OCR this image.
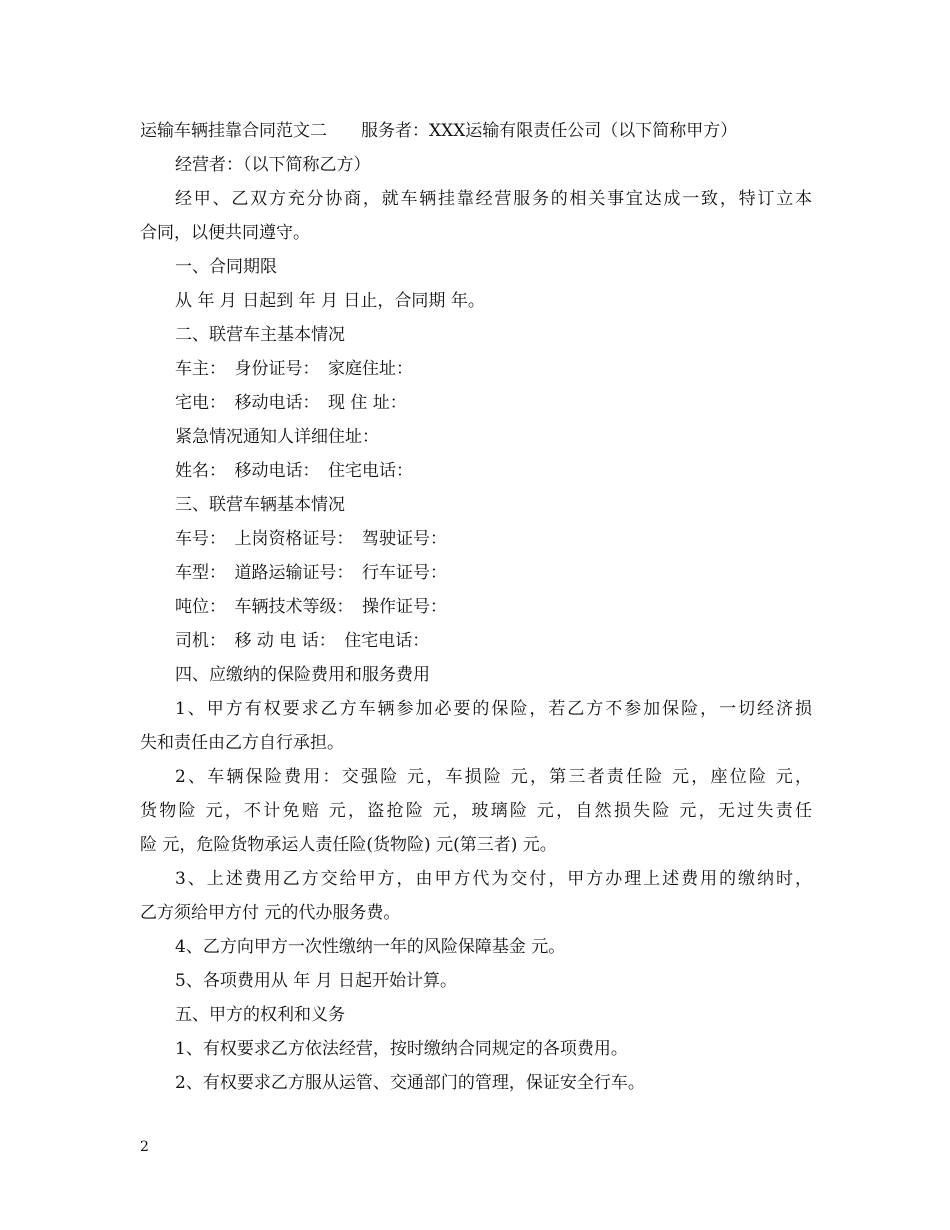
运输车辆挂靠合同范文二　　服务者：XXX运输有限责任公司（以下简称甲方）

经营者：（以下简称乙方）

经甲、乙双方充分协商，就车辆挂靠经营服务的相关事宜达成一致，特订立本

合同，以便共同遵守。

一、合同期限

从 年 月 日起到 年 月 日止，合同期 年。

二、联营车主基本情况

车主：　身份证号：　家庭住址：

宅电：　移动电话：　现 住 址：

紧急情况通知人详细住址：

姓名：　移动电话：　住宅电话：

三、联营车辆基本情况

车号：　上岗资格证号：　驾驶证号：

车型：　道路运输证号：　行车证号：

吨位：　车辆技术等级：　操作证号：

司机：　移 动 电 话：　住宅电话：

四、应缴纳的保险费用和服务费用

1、甲方有权要求乙方车辆参加必要的保险，若乙方不参加保险，一切经济损

失和责任由乙方自行承担。

2、车辆保险费用：交强险 元，车损险 元，第三者责任险 元，座位险 元，

货物险 元，不计免赔 元，盗抢险 元，玻璃险 元，自然损失险 元，无过失责任

险 元，危险货物承运人责任险(货物险) 元(第三者) 元。

3、上述费用乙方交给甲方，由甲方代为交付，甲方办理上述费用的缴纳时，

乙方须给甲方付 元的代办服务费。

4、乙方向甲方一次性缴纳一年的风险保障基金 元。

5、各项费用从 年 月 日起开始计算。

五、甲方的权利和义务

1、有权要求乙方依法经营，按时缴纳合同规定的各项费用。

2、有权要求乙方服从运管、交通部门的管理，保证安全行车。

2
